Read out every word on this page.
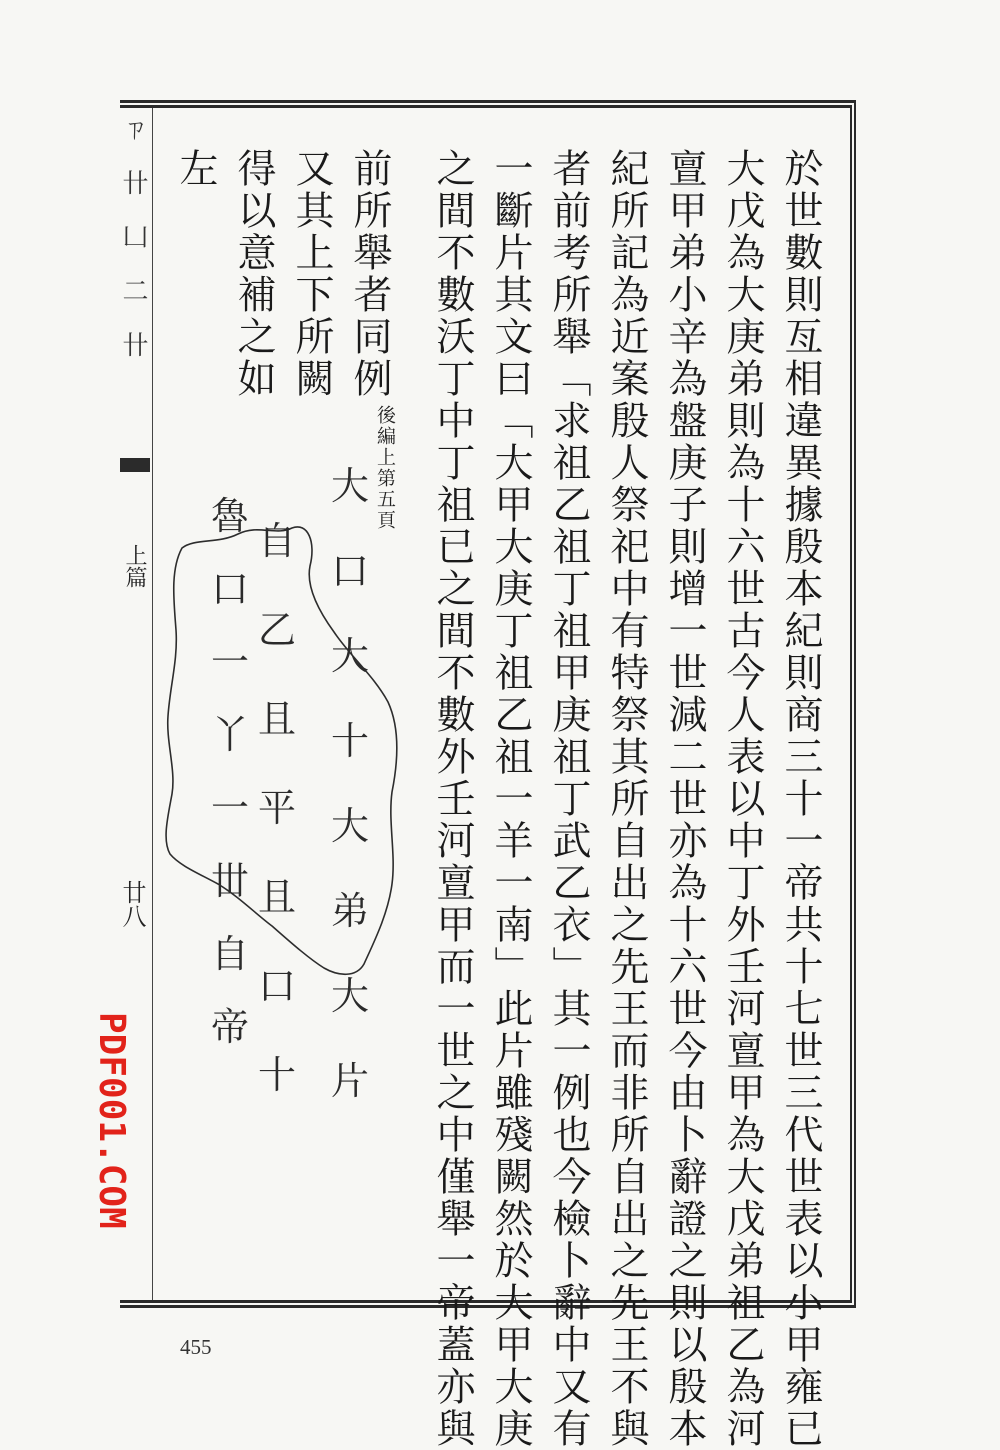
ㄗ卄凵二卄
上篇
廿八	於世數則亙相違異據殷本紀則商三十一帝共十七世三代世表以小甲雍已
大戊為大庚弟則為十六世古今人表以中丁外壬河亶甲為大戊弟祖乙為河
亶甲弟小辛為盤庚子則增一世減二世亦為十六世今由卜辭證之則以殷本
紀所記為近案殷人祭祀中有特祭其所自出之先王而非所自出之先王不與
者前考所舉「求祖乙祖丁祖甲庚祖丁武乙衣」其一例也今檢卜辭中又有
一斷片其文曰「大甲大庚丁祖乙祖一羊一南」此片雖殘闕然於大甲大庚
之間不數沃丁中丁祖已之間不數外壬河亶甲而一世之中僅舉一帝蓋亦與
前所舉者同例
又其上下所闕
得以意補之如
左
後編上第五頁
魯
口
一
丫
一
丗
自
帝
自
乙
且
平
且
口
十
大
口
大
十
大
弟
大
片
PDF001.COM
455
